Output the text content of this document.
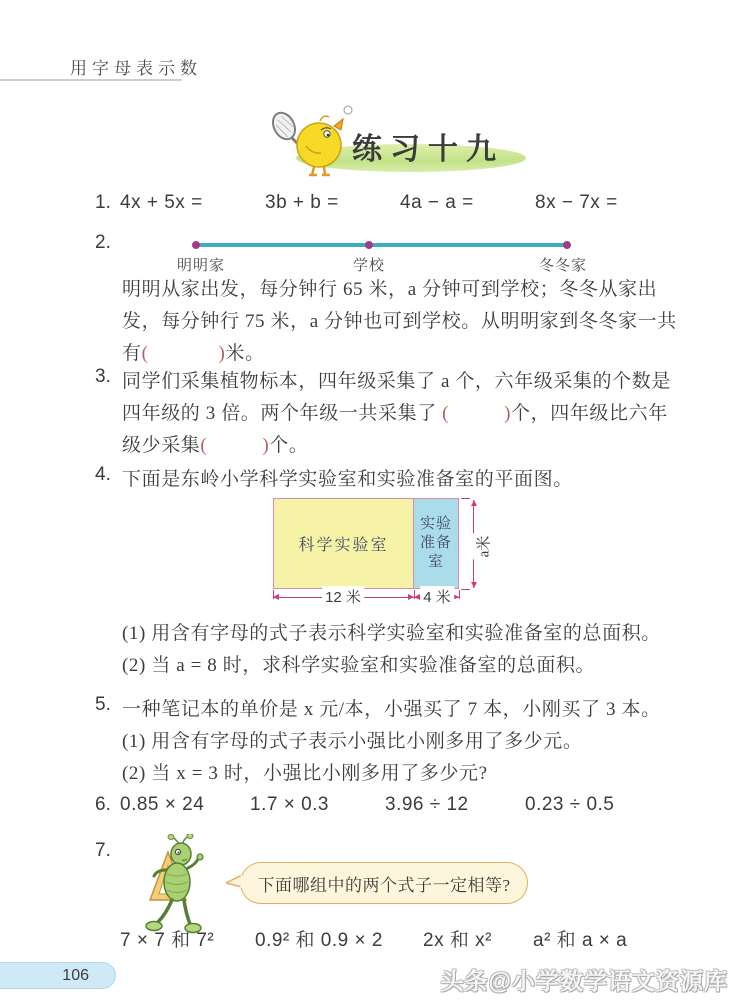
用字母表示数
练习十九
1. 4x + 5x =	3b + b =	4a − a =	8x − 7x =
2.
明明家	学校	冬冬家
明明从家出发，每分钟行 65 米，a 分钟可到学校；冬冬从家出
发，每分钟行 75 米，a 分钟也可到学校。从明明家到冬冬家一共
有(	)米。
3. 同学们采集植物标本，四年级采集了 a 个，六年级采集的个数是
四年级的 3 倍。两个年级一共采集了 (	)个，四年级比六年
级少采集(	)个。
4. 下面是东岭小学科学实验室和实验准备室的平面图。
科学实验室
实验准备室
12 米	4 米
a米
(1) 用含有字母的式子表示科学实验室和实验准备室的总面积。
(2) 当 a = 8 时，求科学实验室和实验准备室的总面积。
5. 一种笔记本的单价是 x 元/本，小强买了 7 本，小刚买了 3 本。
(1) 用含有字母的式子表示小强比小刚多用了多少元。
(2) 当 x = 3 时，小强比小刚多用了多少元?
6. 0.85 × 24 1.7 × 0.3	3.96 ÷ 12	0.23 ÷ 0.5
7.
下面哪组中的两个式子一定相等?
7 × 7 和 7² 0.9² 和 0.9 × 2 2x 和 x² a² 和 a × a
106	头条@小学数学语文资源库
